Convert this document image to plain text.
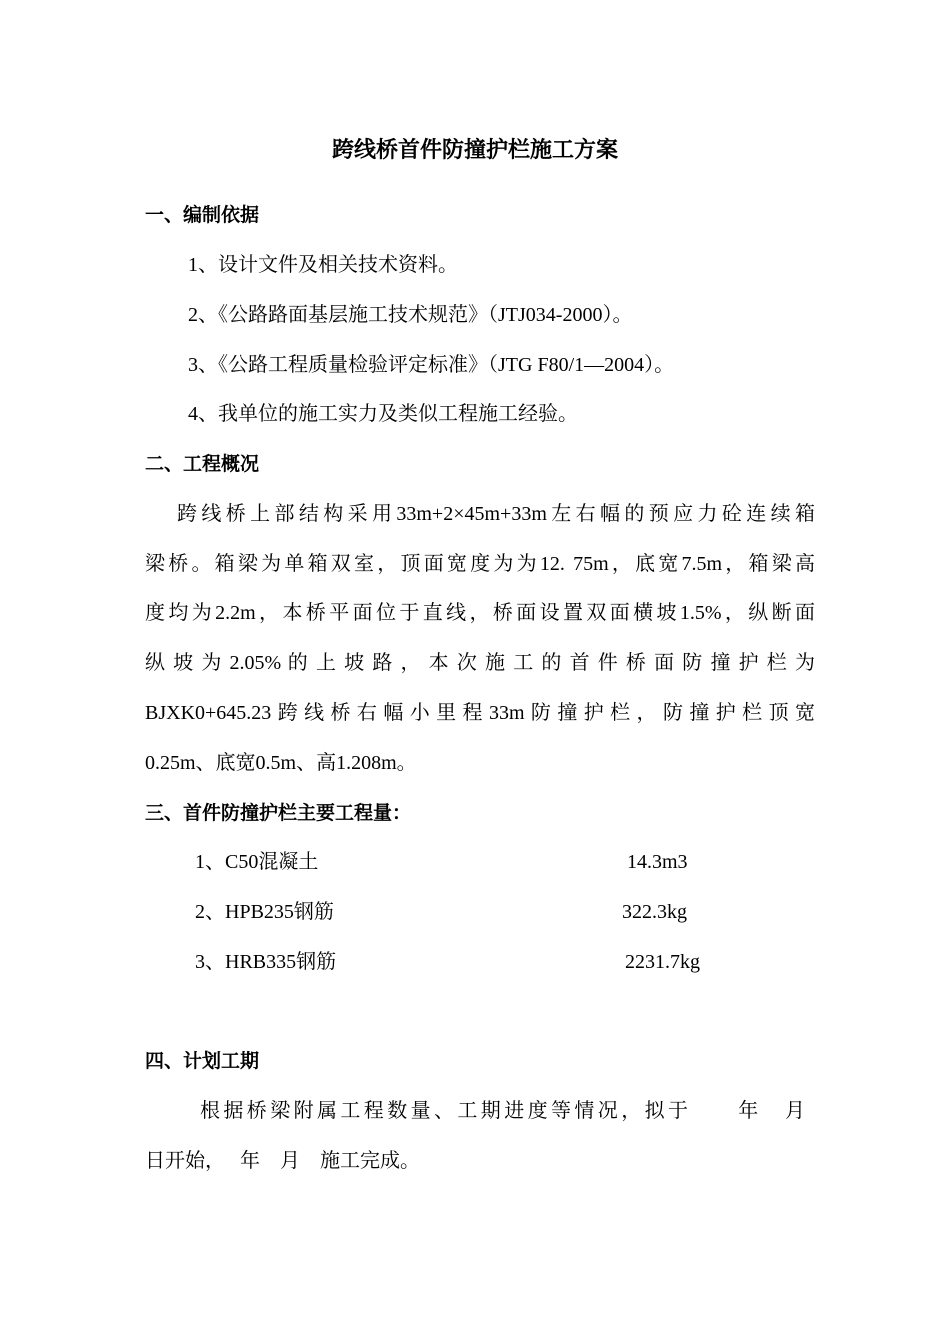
跨线桥首件防撞护栏施工方案
一、编制依据
1、设计文件及相关技术资料。
2、《公路路面基层施工技术规范》（JTJ034-2000）。
3、《公路工程质量检验评定标准》（JTG F80/1—2004）。
4、我单位的施工实力及类似工程施工经验。
二、工程概况
跨线桥上部结构采用33m+2×45m+33m左右幅的预应力砼连续箱
梁桥。箱梁为单箱双室，顶面宽度为为12. 75m，底宽7.5m，箱梁高
度均为2.2m，本桥平面位于直线，桥面设置双面横坡1.5%，纵断面
纵 坡 为 2.05% 的 上 坡 路 ， 本 次 施 工 的 首 件 桥 面 防 撞 护 栏 为
BJXK0+645.23跨线桥右幅小里程33m防撞护栏，防撞护栏顶宽
0.25m、底宽0.5m、高1.208m。
三、首件防撞护栏主要工程量：
1、C50混凝土	14.3m3
2、HPB235钢筋	322.3kg
3、HRB335钢筋	2231.7kg
四、计划工期
根据桥梁附属工程数量、工期进度等情况，拟于　　年　月
日开始，　 年　月　施工完成。
